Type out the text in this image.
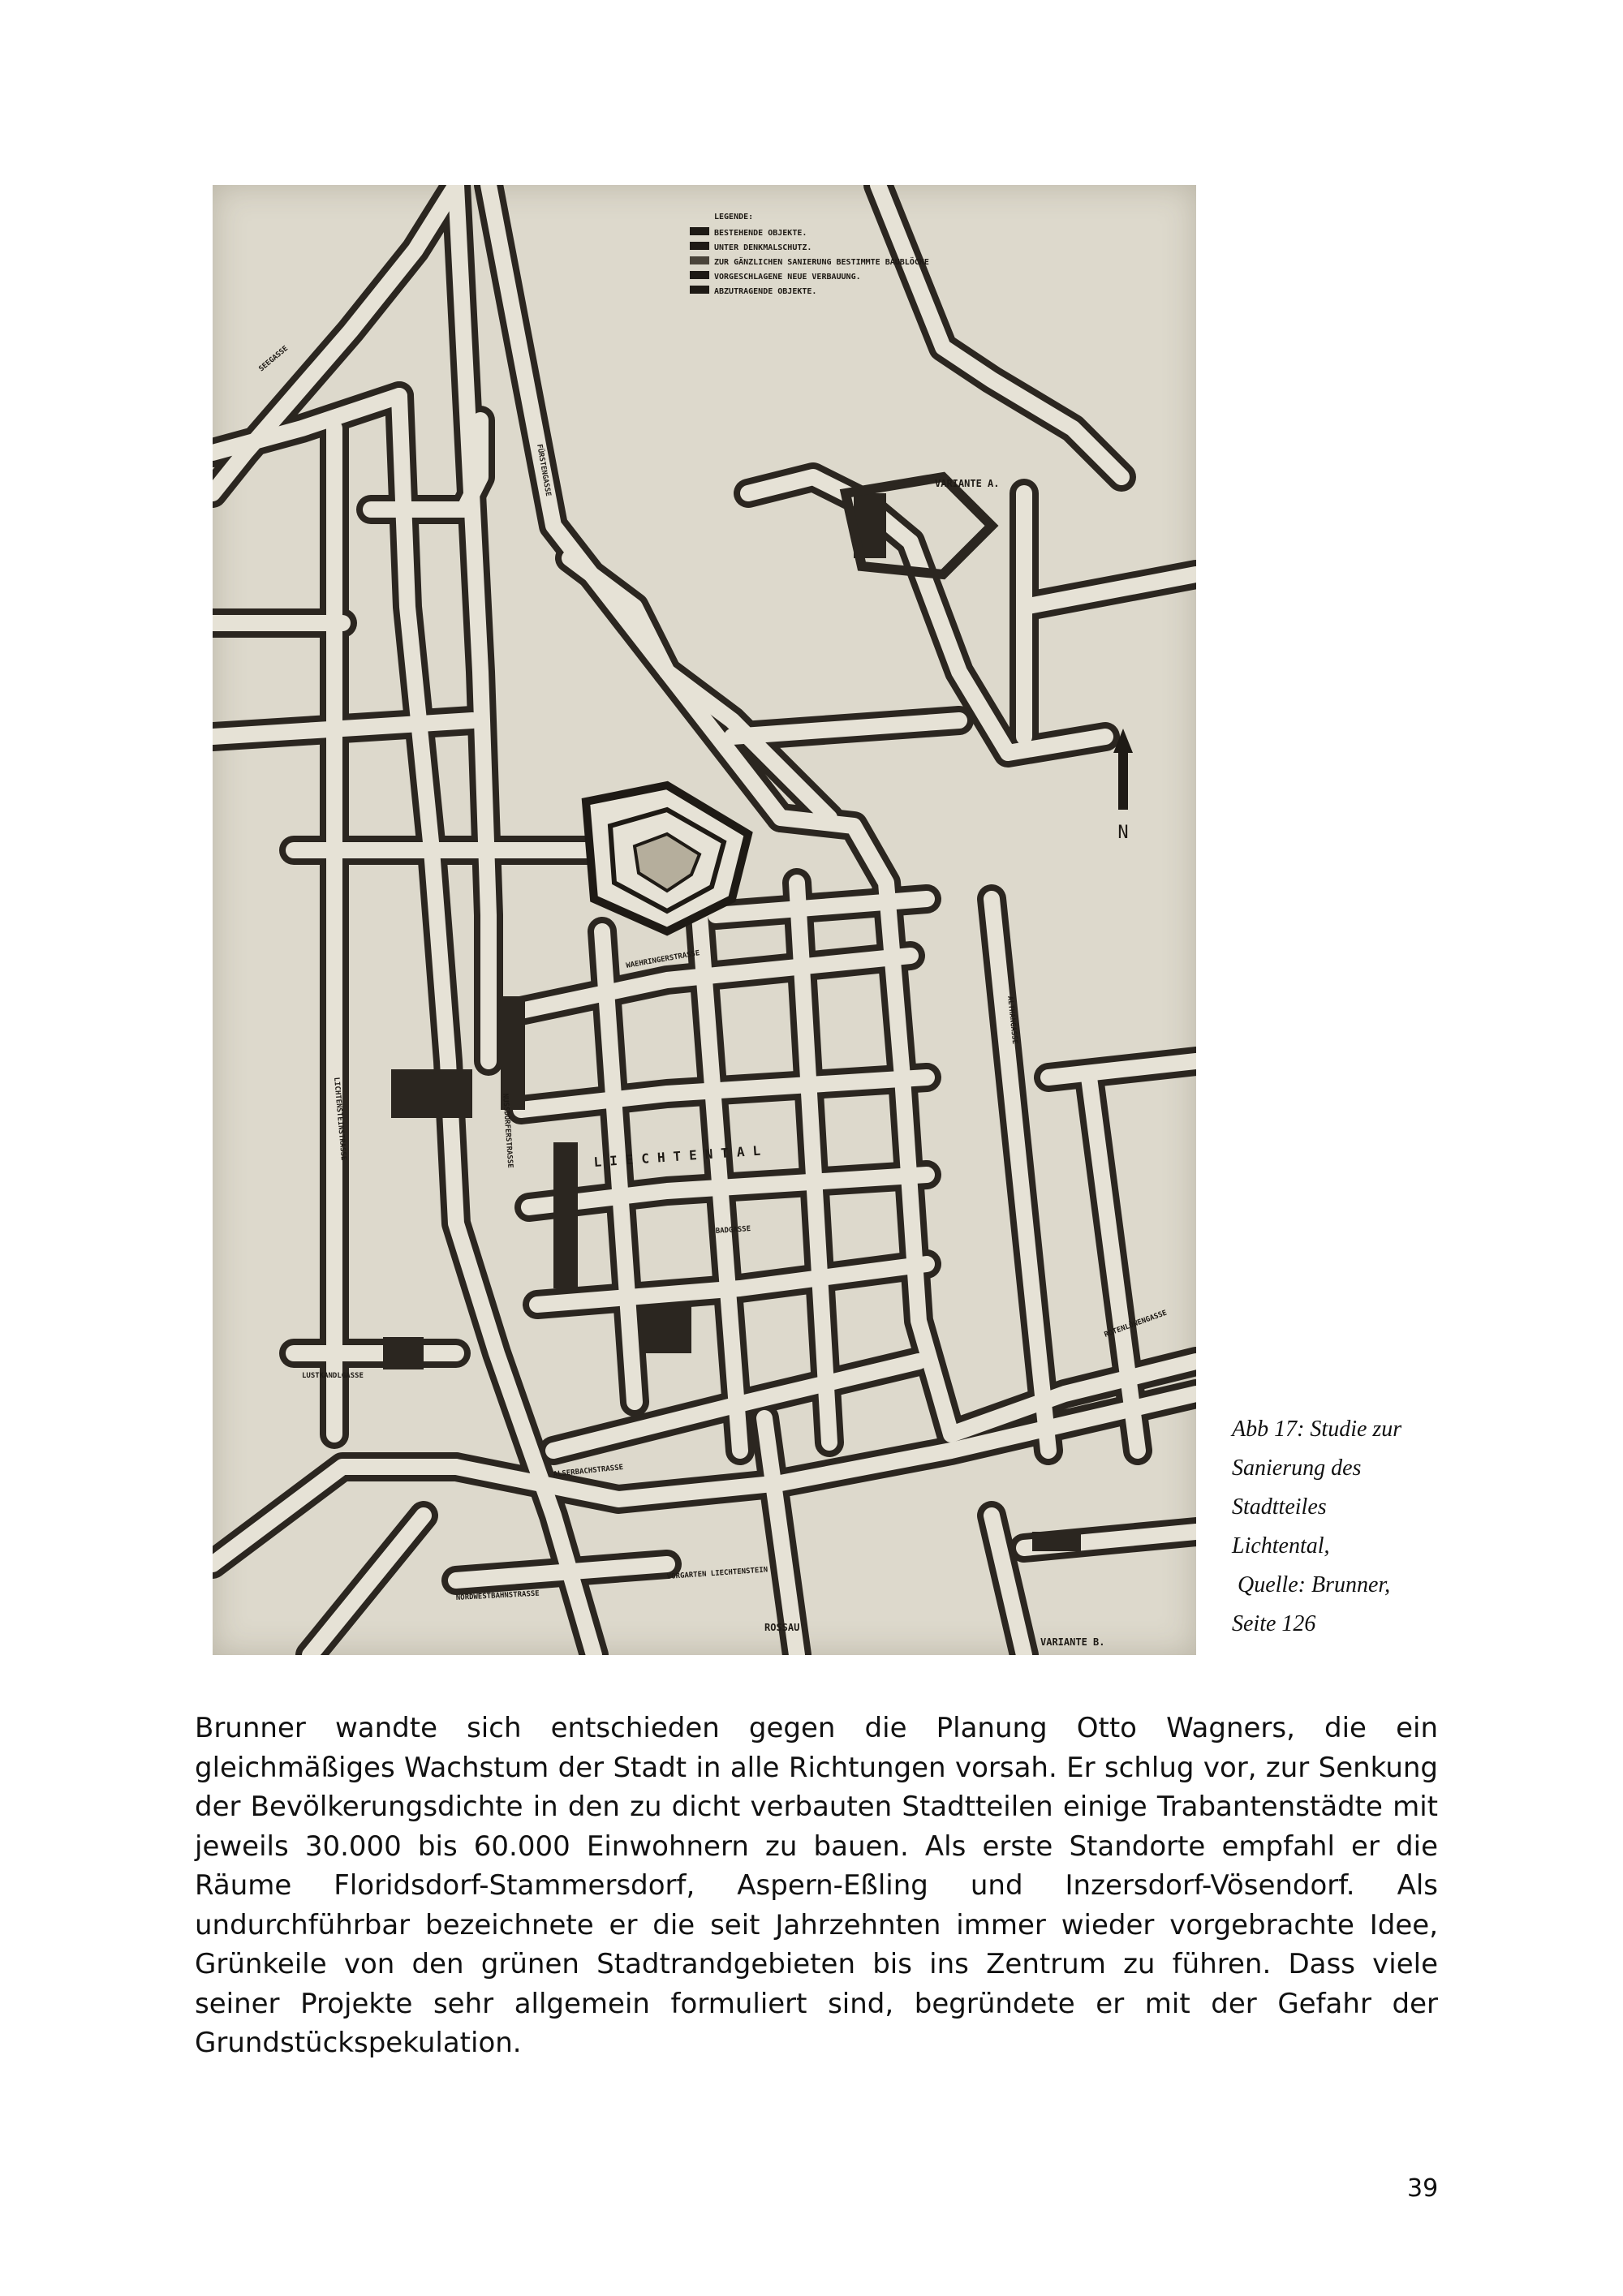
N
LEGENDE:
BESTEHENDE OBJEKTE.
UNTER DENKMALSCHUTZ.
ZUR GÄNZLICHEN SANIERUNG BESTIMMTE BAUBLÖCKE
VORGESCHLAGENE NEUE VERBAUUNG.
ABZUTRAGENDE OBJEKTE.
VARIANTE A.
VARIANTE B.
ROSSAU
LIECHTENTAL
ALSERBACHSTRASSE
VORGARTEN LIECHTENSTEIN
WAEHRINGERSTRASSE
LICHTENSTEINSTRASSE	NUSSDORFERSTRASSE
SEEGASSE
FÜRSTENGASSE
BADGASSE
ALTHANGASSE
ROTENLÖWENGASSE
LUSTKANDLGASSE
NORDWESTBAHNSTRASSE
Abb 17: Studie zur
Sanierung des
Stadtteiles
Lichtental,
Quelle: Brunner,
Seite 126

Brunner wandte sich entschieden gegen die Planung Otto Wagners, die ein gleichmäßiges Wachstum der Stadt in alle Richtungen vorsah. Er schlug vor, zur Senkung der Bevölkerungsdichte in den zu dicht verbauten Stadtteilen einige Trabantenstädte mit jeweils 30.000 bis 60.000 Einwohnern zu bauen. Als erste Standorte empfahl er die Räume Floridsdorf-Stammersdorf, Aspern-Eßling und Inzersdorf-Vösendorf. Als undurchführbar bezeichnete er die seit Jahrzehnten immer wieder vorgebrachte Idee, Grünkeile von den grünen Stadtrandgebieten bis ins Zentrum zu führen. Dass viele seiner Projekte sehr allgemein formuliert sind, begründete er mit der Gefahr der Grundstückspekulation.

39
